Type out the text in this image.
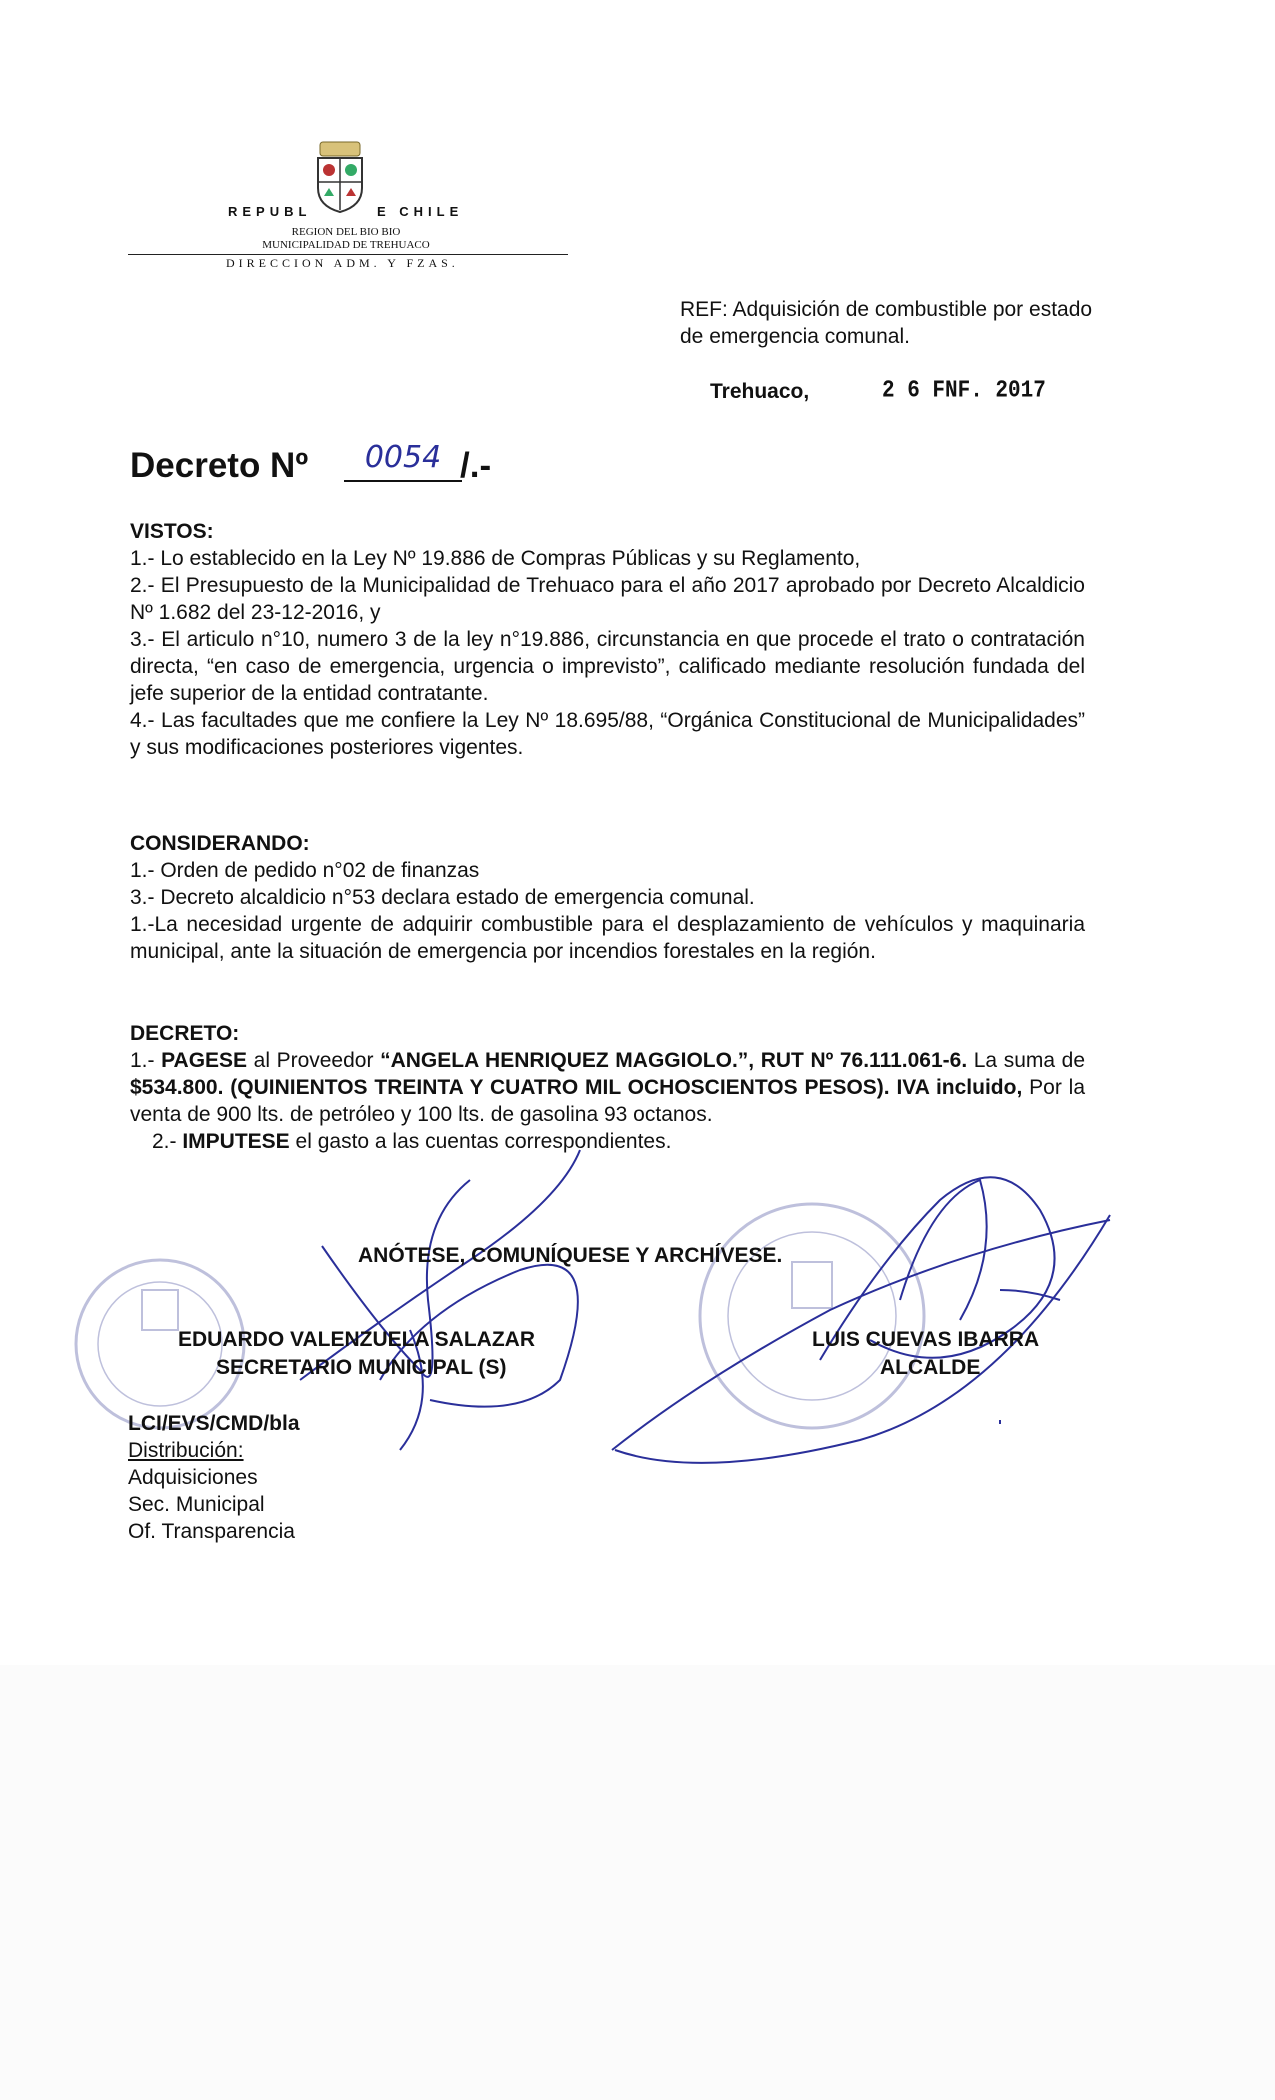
REPUBL	E CHILE
REGION DEL BIO BIO
MUNICIPALIDAD DE TREHUACO
DIRECCION ADM. Y FZAS.
REF: Adquisición de combustible por estado de emergencia comunal.
Trehuaco,	2 6 FNF. 2017
Decreto Nº	0054 /.-
VISTOS:

1.- Lo establecido en la Ley Nº 19.886 de Compras Públicas y su Reglamento,

2.- El Presupuesto de la Municipalidad de Trehuaco para el año 2017 aprobado por Decreto Alcaldicio Nº 1.682 del 23-12-2016, y

3.- El articulo n°10, numero 3 de la ley n°19.886, circunstancia en que procede el trato o contratación directa, “en caso de emergencia, urgencia o imprevisto”, calificado mediante resolución fundada del jefe superior de la entidad contratante.

4.- Las facultades que me confiere la Ley Nº 18.695/88, “Orgánica Constitucional de Municipalidades” y sus modificaciones posteriores vigentes.

CONSIDERANDO:

1.- Orden de pedido n°02 de finanzas

3.- Decreto alcaldicio n°53 declara estado de emergencia comunal.

1.-La necesidad urgente de adquirir combustible para el desplazamiento de vehículos y maquinaria municipal, ante la situación de emergencia por incendios forestales en la región.

DECRETO:

1.- PAGESE al Proveedor “ANGELA HENRIQUEZ MAGGIOLO.”, RUT Nº 76.111.061-6. La suma de $534.800. (QUINIENTOS TREINTA Y CUATRO MIL OCHOSCIENTOS PESOS). IVA incluido, Por la venta de 900 lts. de petróleo y 100 lts. de gasolina 93 octanos.

2.- IMPUTESE el gasto a las cuentas correspondientes.

ANÓTESE, COMUNÍQUESE Y ARCHÍVESE.
EDUARDO VALENZUELA SALAZAR
SECRETARIO MUNICIPAL (S)
LUIS CUEVAS IBARRA
ALCALDE
LCI/EVS/CMD/bla
Distribución:
Adquisiciones
Sec. Municipal
Of. Transparencia
